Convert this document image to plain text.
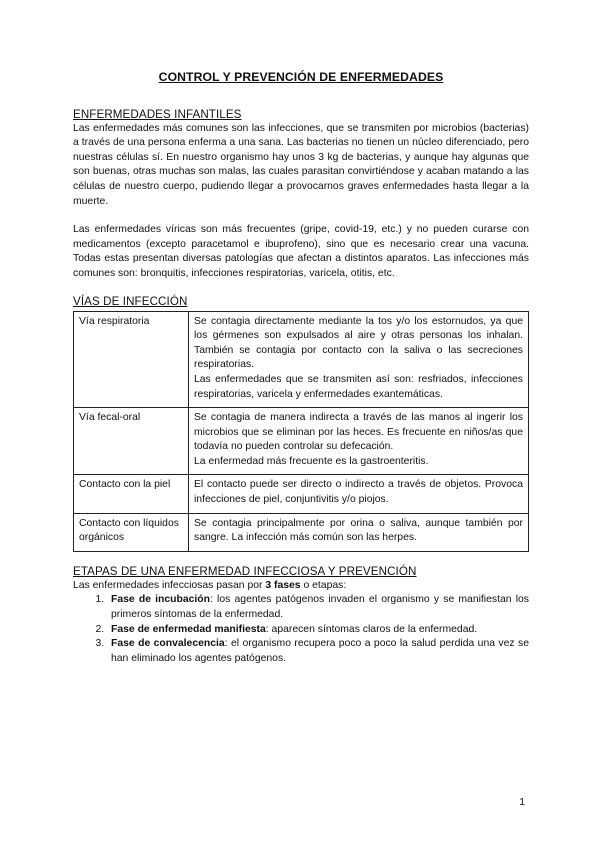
CONTROL Y PREVENCIÓN DE ENFERMEDADES
ENFERMEDADES INFANTILES

Las enfermedades más comunes son las infecciones, que se transmiten por microbios (bacterias) a través de una persona enferma a una sana. Las bacterias no tienen un núcleo diferenciado, pero nuestras células sí. En nuestro organismo hay unos 3 kg de bacterias, y aunque hay algunas que son buenas, otras muchas son malas, las cuales parasitan convirtiéndose y acaban matando a las células de nuestro cuerpo, pudiendo llegar a provocarnos graves enfermedades hasta llegar a la muerte.

Las enfermedades víricas son más frecuentes (gripe, covid-19, etc.) y no pueden curarse con medicamentos (excepto paracetamol e ibuprofeno), sino que es necesario crear una vacuna. Todas estas presentan diversas patologías que afectan a distintos aparatos. Las infecciones más comunes son: bronquitis, infecciones respiratorias, varicela, otitis, etc.

VÍAS DE INFECCIÓN
Vía respiratoria	Se contagia directamente mediante la tos y/o los estornudos, ya que los gérmenes son expulsados al aire y otras personas los inhalan. También se contagia por contacto con la saliva o las secreciones respiratorias.
Las enfermedades que se transmiten así son: resfriados, infecciones respiratorias, varicela y enfermedades exantemáticas.

Vía fecal-oral	Se contagia de manera indirecta a través de las manos al ingerir los microbios que se eliminan por las heces. Es frecuente en niños/as que todavía no pueden controlar su defecación.
La enfermedad más frecuente es la gastroenteritis.

Contacto con la piel	El contacto puede ser directo o indirecto a través de objetos. Provoca infecciones de piel, conjuntivitis y/o piojos.

Contacto con líquidos orgánicos	Se contagia principalmente por orina o saliva, aunque también por sangre. La infección más común son las herpes.
ETAPAS DE UNA ENFERMEDAD INFECCIOSA Y PREVENCIÓN

Las enfermedades infecciosas pasan por 3 fases o etapas:

1. Fase de incubación: los agentes patógenos invaden el organismo y se manifiestan los primeros síntomas de la enfermedad.
2. Fase de enfermedad manifiesta: aparecen síntomas claros de la enfermedad.
3. Fase de convalecencia: el organismo recupera poco a poco la salud perdida una vez se han eliminado los agentes patógenos.
1
